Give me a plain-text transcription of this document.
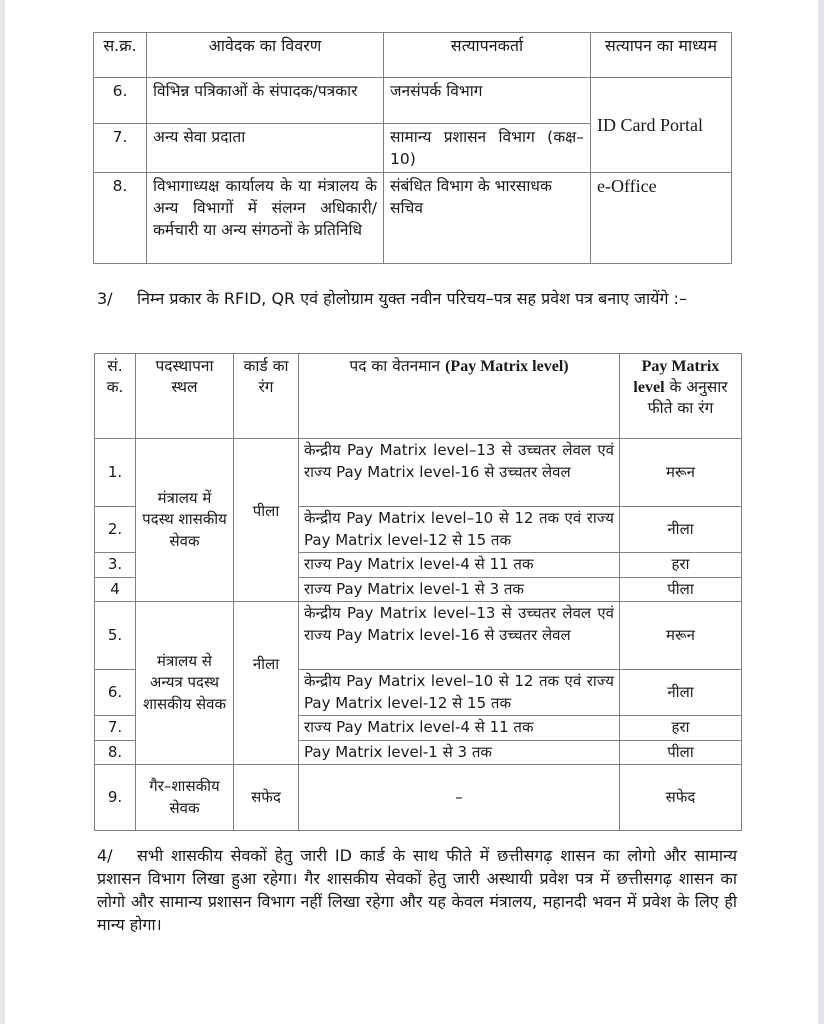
स.क्र.	आवेदक का विवरण	सत्यापनकर्ता	सत्यापन का माध्यम
6.	विभिन्न पत्रिकाओं के संपादक/पत्रकार	जनसंपर्क विभाग	ID Card Portal
7.	अन्य सेवा प्रदाता	सामान्य प्रशासन विभाग (कक्ष–10)	
8.	विभागाध्यक्ष कार्यालय के या मंत्रालय के अन्य विभागों में संलग्न अधिकारी/कर्मचारी या अन्य संगठनों के प्रतिनिधि	संबंधित विभाग के भारसाधक सचिव	e-Office
3/ निम्न प्रकार के RFID, QR एवं होलोग्राम युक्त नवीन परिचय–पत्र सह प्रवेश पत्र बनाए जायेंगे :–
सं. क.	पदस्थापना स्थल	कार्ड का रंग	पद का वेतनमान (Pay Matrix level)	Pay Matrix level के अनुसार फीते का रंग
1.	मंत्रालय में पदस्थ शासकीय सेवक	पीला	केन्द्रीय Pay Matrix level–13 से उच्चतर लेवल एवं राज्य Pay Matrix level-16 से उच्चतर लेवल	मरून
2.			केन्द्रीय Pay Matrix level–10 से 12 तक एवं राज्य Pay Matrix level-12 से 15 तक	नीला
3.			राज्य Pay Matrix level-4 से 11 तक	हरा
4			राज्य Pay Matrix level-1 से 3 तक	पीला
5.	मंत्रालय से अन्यत्र पदस्थ शासकीय सेवक	नीला	केन्द्रीय Pay Matrix level–13 से उच्चतर लेवल एवं राज्य Pay Matrix level-16 से उच्चतर लेवल	मरून
6.			केन्द्रीय Pay Matrix level–10 से 12 तक एवं राज्य Pay Matrix level-12 से 15 तक	नीला
7.			राज्य Pay Matrix level-4 से 11 तक	हरा
8.			Pay Matrix level-1 से 3 तक	पीला
9.	गैर–शासकीय सेवक	सफेद	–	सफेद
4/ सभी शासकीय सेवकों हेतु जारी ID कार्ड के साथ फीते में छत्तीसगढ़ शासन का लोगो और सामान्य प्रशासन विभाग लिखा हुआ रहेगा। गैर शासकीय सेवकों हेतु जारी अस्थायी प्रवेश पत्र में छत्तीसगढ़ शासन का लोगो और सामान्य प्रशासन विभाग नहीं लिखा रहेगा और यह केवल मंत्रालय, महानदी भवन में प्रवेश के लिए ही मान्य होगा।
